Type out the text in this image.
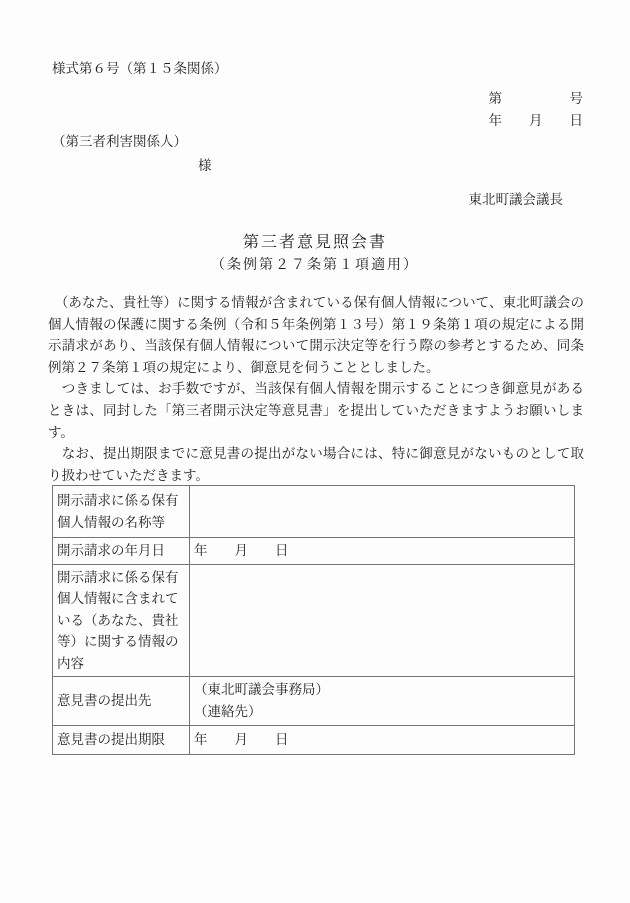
様式第６号（第１５条関係）
第　　　　　号
年　　月　　日
（第三者利害関係人）
様
東北町議会議長
第三者意見照会書
（条例第２７条第１項適用）

　（あなた、貴社等）に関する情報が含まれている保有個人情報について、東北町議会の個人情報の保護に関する条例（令和５年条例第１３号）第１９条第１項の規定による開示請求があり、当該保有個人情報について開示決定等を行う際の参考とするため、同条例第２７条第１項の規定により、御意見を伺うこととしました。

　つきましては、お手数ですが、当該保有個人情報を開示することにつき御意見があるときは、同封した「第三者開示決定等意見書」を提出していただきますようお願いします。

　なお、提出期限までに意見書の提出がない場合には、特に御意見がないものとして取り扱わせていただきます。

開示請求に係る保有個人情報の名称等	
開示請求の年月日	年　　月　　日
開示請求に係る保有個人情報に含まれている（あなた、貴社等）に関する情報の内容	
意見書の提出先	（東北町議会事務局）
（連絡先）

意見書の提出期限	年　　月　　日
